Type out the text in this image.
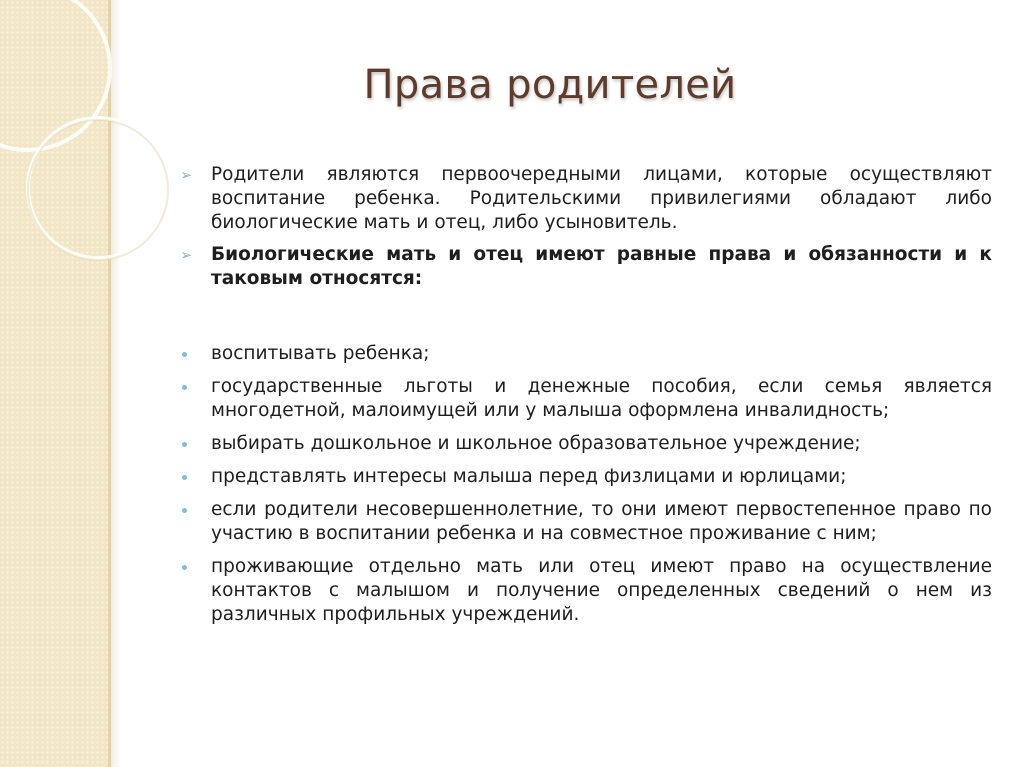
Права родителей
➢ Родители являются первоочередными лицами, которые осуществляют воспитание ребенка. Родительскими привилегиями обладают либо биологические мать и отец, либо усыновитель.
➢ Биологические мать и отец имеют равные права и обязанности и к таковым относятся:
воспитывать ребенка;
государственные льготы и денежные пособия, если семья является многодетной, малоимущей или у малыша оформлена инвалидность;
выбирать дошкольное и школьное образовательное учреждение;
представлять интересы малыша перед физлицами и юрлицами;
если родители несовершеннолетние, то они имеют первостепенное право по участию в воспитании ребенка и на совместное проживание с ним;
проживающие отдельно мать или отец имеют право на осуществление контактов с малышом и получение определенных сведений о нем из различных профильных учреждений.
